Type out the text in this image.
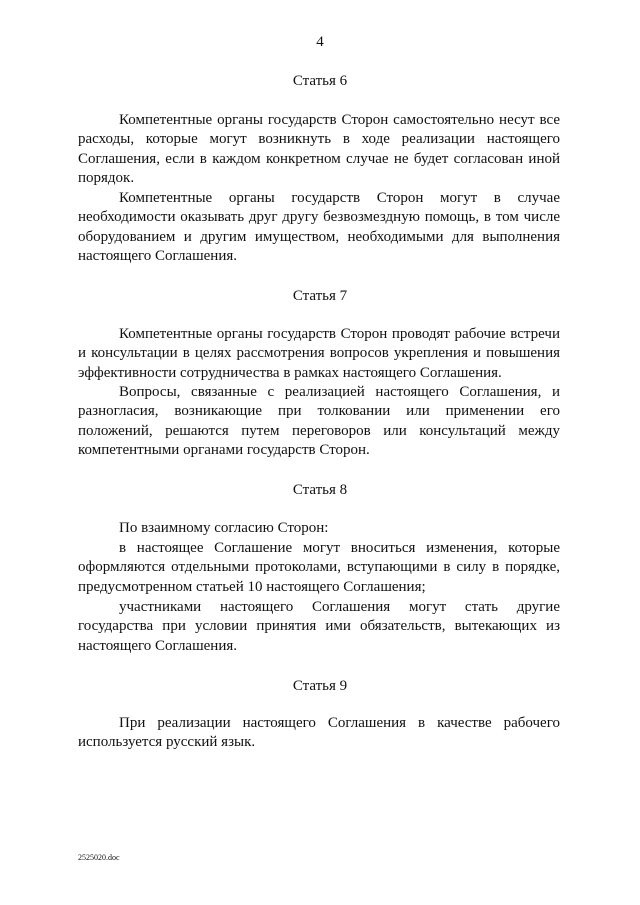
4
Статья 6

Компетентные органы государств Сторон самостоятельно несут все расходы, которые могут возникнуть в ходе реализации настоящего Соглашения, если в каждом конкретном случае не будет согласован иной порядок.

Компетентные органы государств Сторон могут в случае необходимости оказывать друг другу безвозмездную помощь, в том числе оборудованием и другим имуществом, необходимыми для выполнения настоящего Соглашения.

Статья 7

Компетентные органы государств Сторон проводят рабочие встречи и консультации в целях рассмотрения вопросов укрепления и повышения эффективности сотрудничества в рамках настоящего Соглашения.

Вопросы, связанные с реализацией настоящего Соглашения, и разногласия, возникающие при толковании или применении его положений, решаются путем переговоров или консультаций между компетентными органами государств Сторон.

Статья 8

По взаимному согласию Сторон:

в настоящее Соглашение могут вноситься изменения, которые оформляются отдельными протоколами, вступающими в силу в порядке, предусмотренном статьей 10 настоящего Соглашения;

участниками настоящего Соглашения могут стать другие государства при условии принятия ими обязательств, вытекающих из настоящего Соглашения.

Статья 9

При реализации настоящего Соглашения в качестве рабочего используется русский язык.

2525020.doc
